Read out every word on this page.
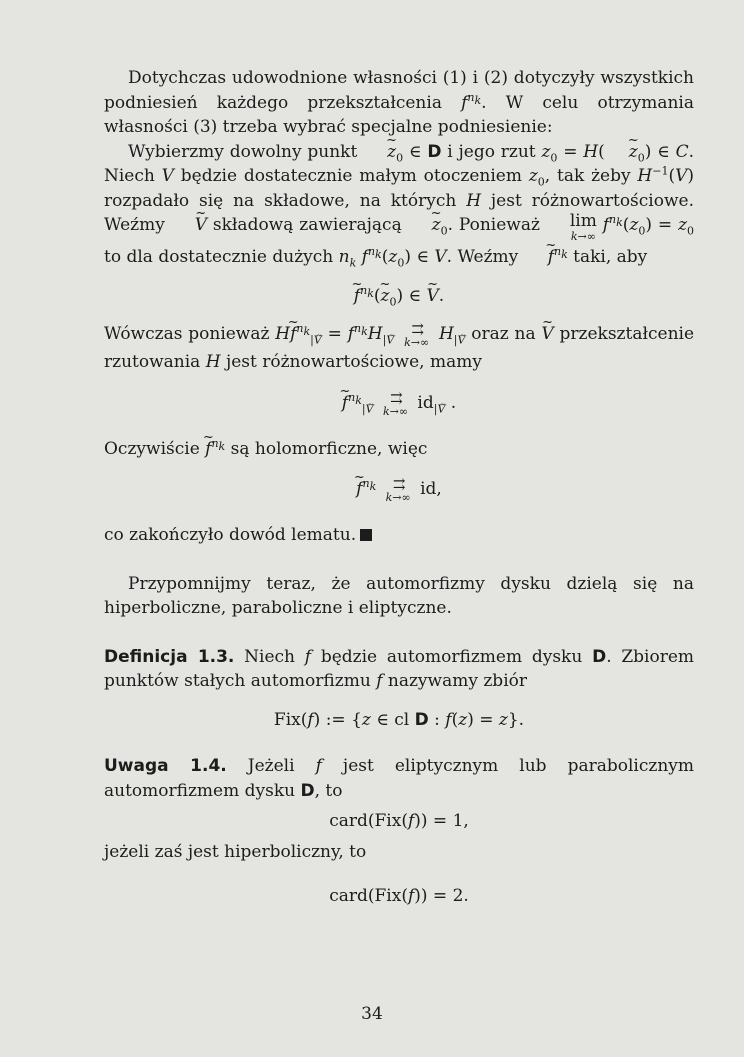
Dotychczas udowodnione własności (1) i (2) dotyczyły wszystkich podniesień każdego przekształcenia $f^{n_k}$. W celu otrzymania własności (3) trzeba wybrać specjalne podniesienie:

Wybierzmy dowolny punkt ~ $z_0$ ∈ D i jego rzut $z_0$ = H(~ $z_0$) ∈ C. Niech V będzie dostatecznie małym otoczeniem $z_0$, tak żeby $H^{-1}(V)$ rozpadało się na składowe, na których H jest różnowartościowe. Weźmy ~ V składową zawierającą ~ $z_0$. Ponieważ lim
k→∞
$f^{n_k}(z_0) = z_0$ to dla dostatecznie dużych $n_k$ $f^{n_k}(z_0)$ ∈ V. Weźmy ~ $f^{n_k}$ taki, aby

~ $f^{n_k}(\sim$ $z_0$) ∈ ~ V.

Wówczas ponieważ H~ $f^{n_k}_{|V} = f^{n_k}H_{|V}$
⇉
k→∞ $H_{|V}$ oraz na ~ V przekształcenie rzutowania H jest różnowartościowe, mamy

~ $f^{n_k}_{|V}$
⇉
k→∞ $id_{|V}$ .

Oczywiście ~ $f^{n_k}$ są holomorficzne, więc

~ $f^{n_k}$	⇉
k→∞ id,

co zakończyło dowód lematu.

Przypomnijmy teraz, że automorfizmy dysku dzielą się na hiperboliczne, paraboliczne i eliptyczne.

Definicja 1.3. Niech f będzie automorfizmem dysku D. Zbiorem punktów stałych automorfizmu f nazywamy zbiór

Fix(f) := {z ∈ cl D : f(z) = z}.

Uwaga 1.4. Jeżeli f jest eliptycznym lub parabolicznym automorfizmem dysku D, to

card(Fix(f)) = 1,

jeżeli zaś jest hiperboliczny, to

card(Fix(f)) = 2.
34
